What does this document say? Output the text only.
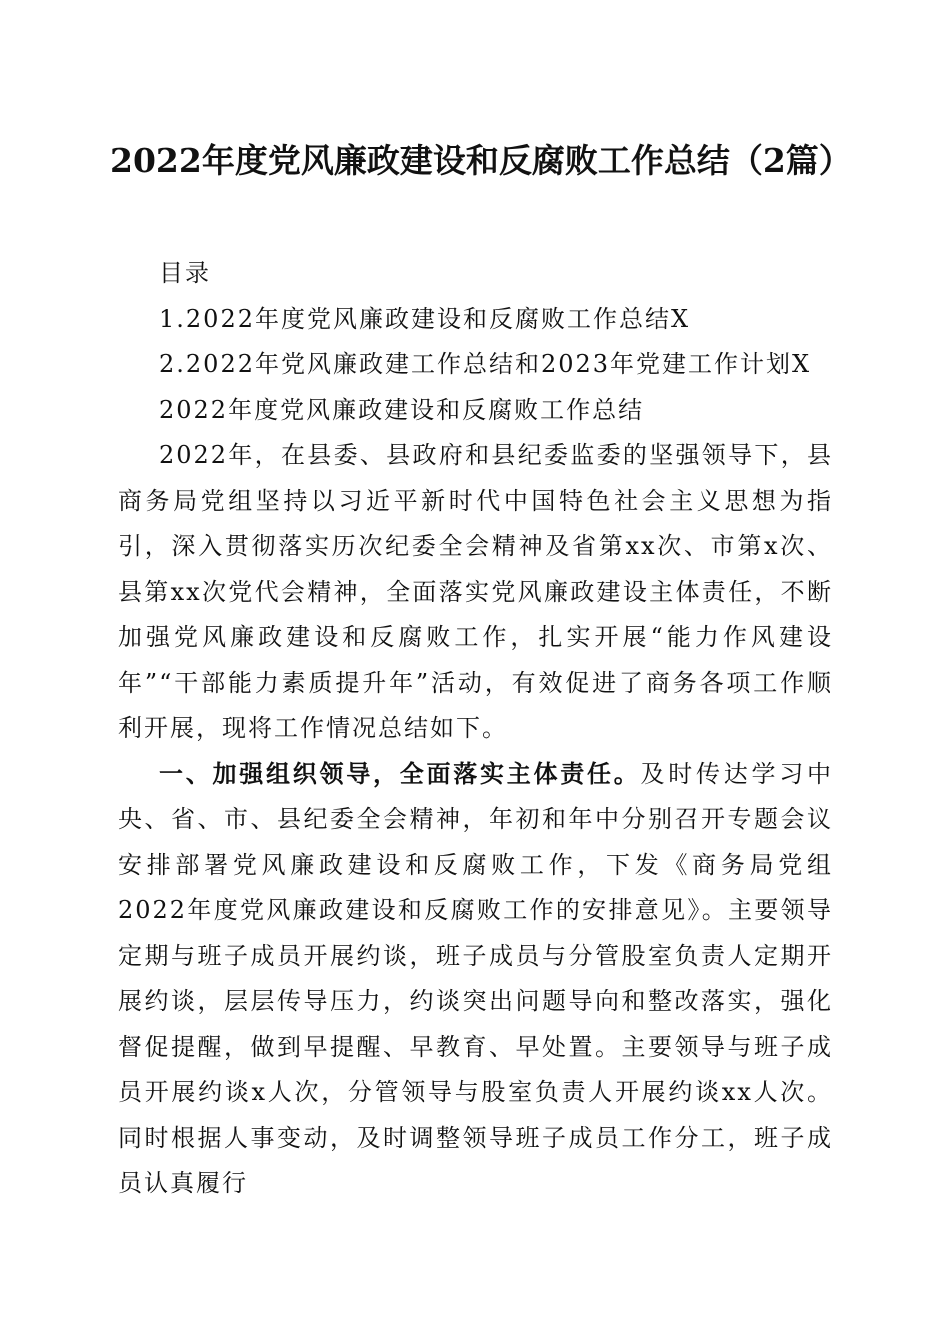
2022年度党风廉政建设和反腐败工作总结（2篇）

目录

1.2022年度党风廉政建设和反腐败工作总结X

2.2022年党风廉政建工作总结和2023年党建工作计划X

2022年度党风廉政建设和反腐败工作总结

2022年，在县委、县政府和县纪委监委的坚强领导下，县商务局党组坚持以习近平新时代中国特色社会主义思想为指引，深入贯彻落实历次纪委全会精神及省第xx次、市第x次、县第xx次党代会精神，全面落实党风廉政建设主体责任，不断加强党风廉政建设和反腐败工作，扎实开展“能力作风建设年”“干部能力素质提升年”活动，有效促进了商务各项工作顺利开展，现将工作情况总结如下。

一、加强组织领导，全面落实主体责任。及时传达学习中央、省、市、县纪委全会精神，年初和年中分别召开专题会议安排部署党风廉政建设和反腐败工作，下发《商务局党组2022年度党风廉政建设和反腐败工作的安排意见》。主要领导定期与班子成员开展约谈，班子成员与分管股室负责人定期开展约谈，层层传导压力，约谈突出问题导向和整改落实，强化督促提醒，做到早提醒、早教育、早处置。主要领导与班子成员开展约谈x人次，分管领导与股室负责人开展约谈xx人次。同时根据人事变动，及时调整领导班子成员工作分工，班子成员认真履行
